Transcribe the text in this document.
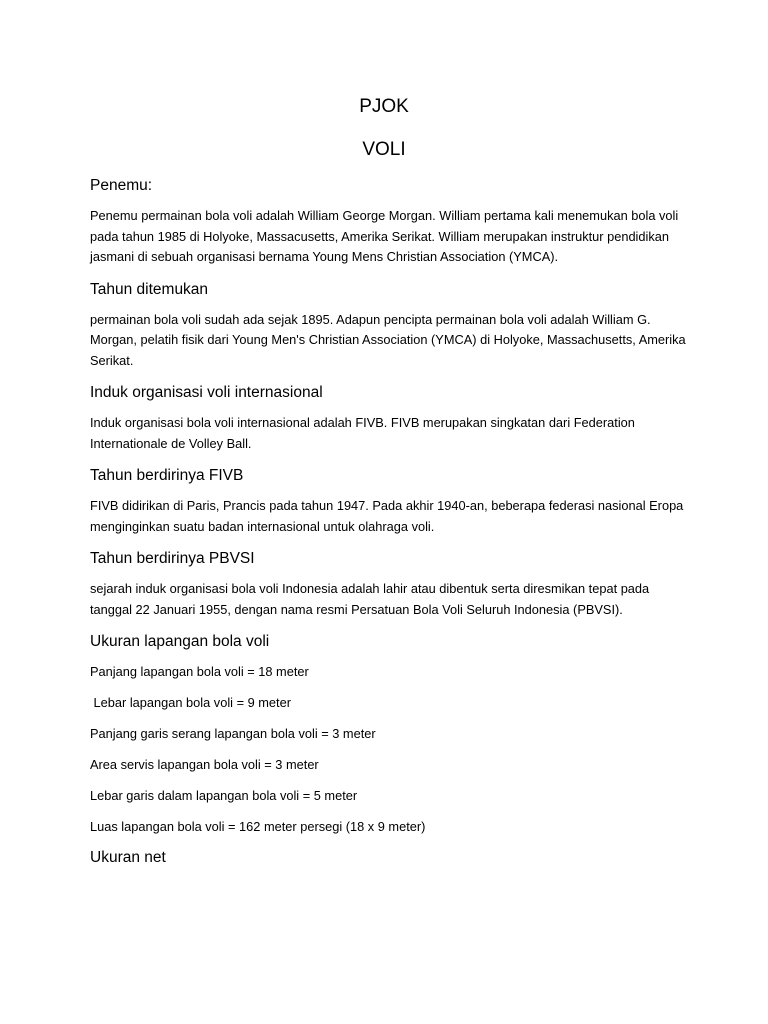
PJOK
VOLI
Penemu:

Penemu permainan bola voli adalah William George Morgan. William pertama kali menemukan bola voli pada tahun 1985 di Holyoke, Massacusetts, Amerika Serikat. William merupakan instruktur pendidikan jasmani di sebuah organisasi bernama Young Mens Christian Association (YMCA).

Tahun ditemukan

permainan bola voli sudah ada sejak 1895. Adapun pencipta permainan bola voli adalah William G. Morgan, pelatih fisik dari Young Men's Christian Association (YMCA) di Holyoke, Massachusetts, Amerika Serikat.

Induk organisasi voli internasional

Induk organisasi bola voli internasional adalah FIVB. FIVB merupakan singkatan dari Federation Internationale de Volley Ball.

Tahun berdirinya FIVB

FIVB didirikan di Paris, Prancis pada tahun 1947. Pada akhir 1940-an, beberapa federasi nasional Eropa menginginkan suatu badan internasional untuk olahraga voli.

Tahun berdirinya PBVSI

sejarah induk organisasi bola voli Indonesia adalah lahir atau dibentuk serta diresmikan tepat pada tanggal 22 Januari 1955, dengan nama resmi Persatuan Bola Voli Seluruh Indonesia (PBVSI).

Ukuran lapangan bola voli

Panjang lapangan bola voli = 18 meter

Lebar lapangan bola voli = 9 meter

Panjang garis serang lapangan bola voli = 3 meter

Area servis lapangan bola voli = 3 meter

Lebar garis dalam lapangan bola voli = 5 meter

Luas lapangan bola voli = 162 meter persegi (18 x 9 meter)

Ukuran net
